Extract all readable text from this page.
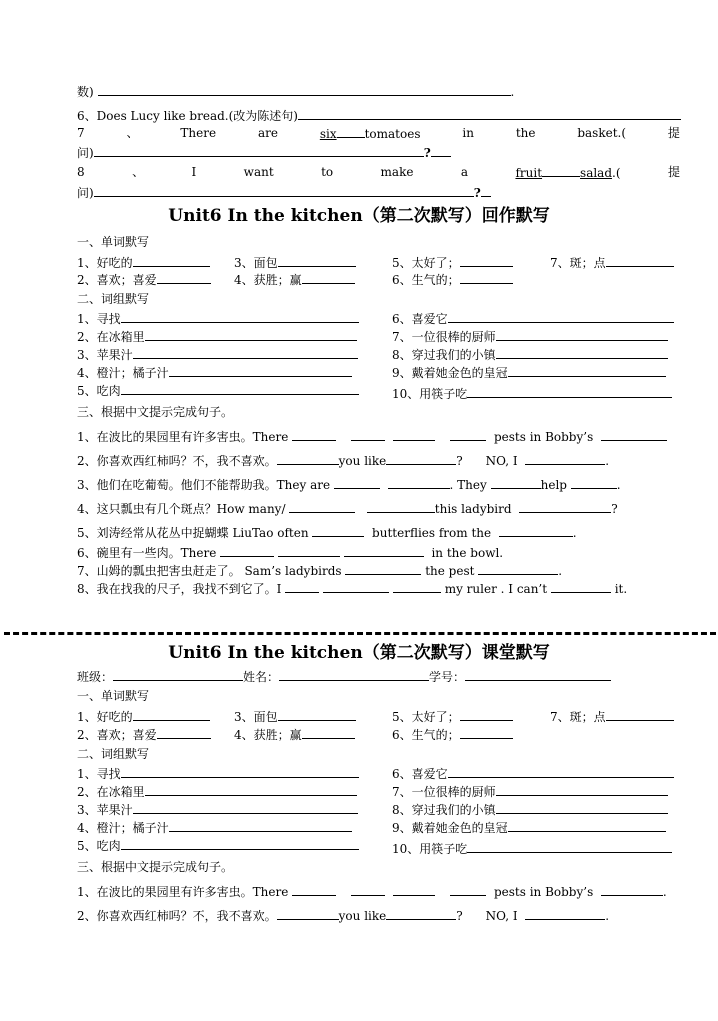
数)	.
6、Does Lucy like bread.(改为陈述句)
7	、	There	are	six tomatoes	in	the	basket.(	提
问)	?
8	、	I	want	to	make	a	fruit	salad.(	提
问)	?
Unit6 In the kitchen（第二次默写）回作默写
一、单词默写
1、好吃的	3、面包	5、太好了；	7、斑；点
2、喜欢；喜爱	4、获胜；赢	6、生气的；
二、词组默写
1、寻找	6、喜爱它
2、在冰箱里	7、一位很棒的厨师
3、苹果汁	8、穿过我们的小镇
4、橙汁；橘子汁	9、戴着她金色的皇冠
5、吃肉	10、用筷子吃
三、根据中文提示完成句子。
1、在波比的果园里有许多害虫。There	pests in Bobby’s
2、你喜欢西红柿吗？不，我不喜欢。	you like	? NO, I	.
3、他们在吃葡萄。他们不能帮助我。They are	. They	help	.
4、这只瓢虫有几个斑点？How many/	this ladybird	?
5、刘涛经常从花丛中捉蝴蝶 LiuTao often	butterflies from the	.
6、碗里有一些肉。There	in the bowl.
7、山姆的瓢虫把害虫赶走了。 Sam’s ladybirds	the pest	.
8、我在找我的尺子，我找不到它了。I	my ruler . I can’t	it.
Unit6 In the kitchen（第二次默写）课堂默写
班级：	姓名：	学号：
一、单词默写
1、好吃的	3、面包	5、太好了；	7、斑；点
2、喜欢；喜爱	4、获胜；赢	6、生气的；
二、词组默写
1、寻找	6、喜爱它
2、在冰箱里	7、一位很棒的厨师
3、苹果汁	8、穿过我们的小镇
4、橙汁；橘子汁	9、戴着她金色的皇冠
5、吃肉	10、用筷子吃
三、根据中文提示完成句子。
1、在波比的果园里有许多害虫。There	pests in Bobby’s	.
2、你喜欢西红柿吗？不，我不喜欢。	you like	? NO, I	.
